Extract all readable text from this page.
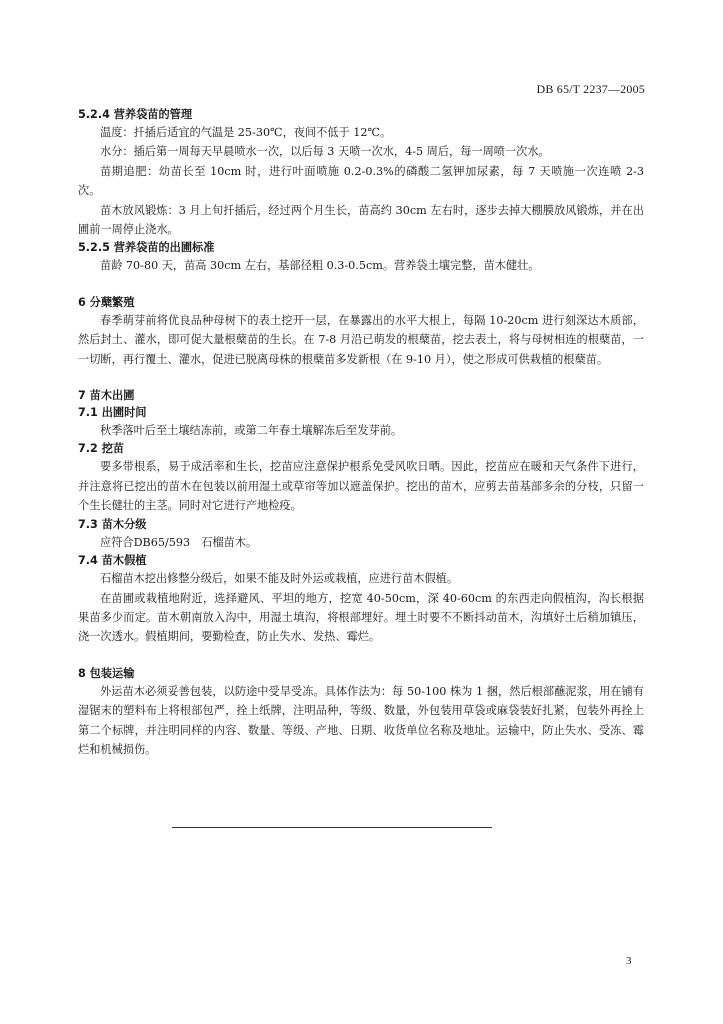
DB 65/T 2237—2005
5.2.4 营养袋苗的管理

温度：扦插后适宜的气温是 25-30℃，夜间不低于 12℃。

水分：插后第一周每天早晨喷水一次，以后每 3 天喷一次水，4-5 周后，每一周喷一次水。

苗期追肥：幼苗长至 10cm 时，进行叶面喷施 0.2-0.3%的磷酸二氢钾加尿素，每 7 天喷施一次连喷 2-3 次。

苗木放风锻炼：3 月上旬扦插后，经过两个月生长，苗高约 30cm 左右时，逐步去掉大棚膜放风锻炼，并在出圃前一周停止浇水。

5.2.5 营养袋苗的出圃标准

苗龄 70-80 天，苗高 30cm 左右，基部径粗 0.3-0.5cm。营养袋土壤完整，苗木健壮。

6 分蘖繁殖

春季萌芽前将优良品种母树下的表土挖开一层，在暴露出的水平大根上，每隔 10-20cm 进行刻深达木质部，然后封土、灌水，即可促大量根蘖苗的生长。在 7-8 月沿已萌发的根蘖苗，挖去表土，将与母树相连的根蘖苗，一一切断，再行覆土、灌水，促进已脱离母株的根蘖苗多发新根（在 9-10 月），使之形成可供栽植的根蘖苗。

7 苗木出圃
7.1 出圃时间

秋季落叶后至土壤结冻前，或第二年春土壤解冻后至发芽前。

7.2 挖苗

要多带根系，易于成活率和生长，挖苗应注意保护根系免受风吹日晒。因此，挖苗应在暖和天气条件下进行，并注意将已挖出的苗木在包装以前用湿土或草帘等加以遮盖保护。挖出的苗木，应剪去苗基部多余的分枝，只留一个生长健壮的主茎。同时对它进行产地检疫。

7.3 苗木分级

应符合DB65/593　石榴苗木。

7.4 苗木假植

石榴苗木挖出修整分级后，如果不能及时外运或栽植，应进行苗木假植。

在苗圃或栽植地附近，选择避风、平坦的地方，挖宽 40-50cm，深 40-60cm 的东西走向假植沟，沟长根据果苗多少而定。苗木朝南放入沟中，用湿土填沟，将根部埋好。埋土时要不不断抖动苗木，沟填好土后稍加镇压，浇一次透水。假植期间，要勤检查，防止失水、发热、霉烂。

8 包装运输

外运苗木必须妥善包装，以防途中受旱受冻。具体作法为：每 50-100 株为 1 捆，然后根部蘸泥浆，用在铺有湿锯末的塑料布上将根部包严，拴上纸牌，注明品种，等级、数量，外包装用草袋或麻袋装好扎紧，包装外再拴上第二个标牌，并注明同样的内容、数量、等级、产地、日期、收货单位名称及地址。运输中，防止失水、受冻、霉烂和机械损伤。

3
